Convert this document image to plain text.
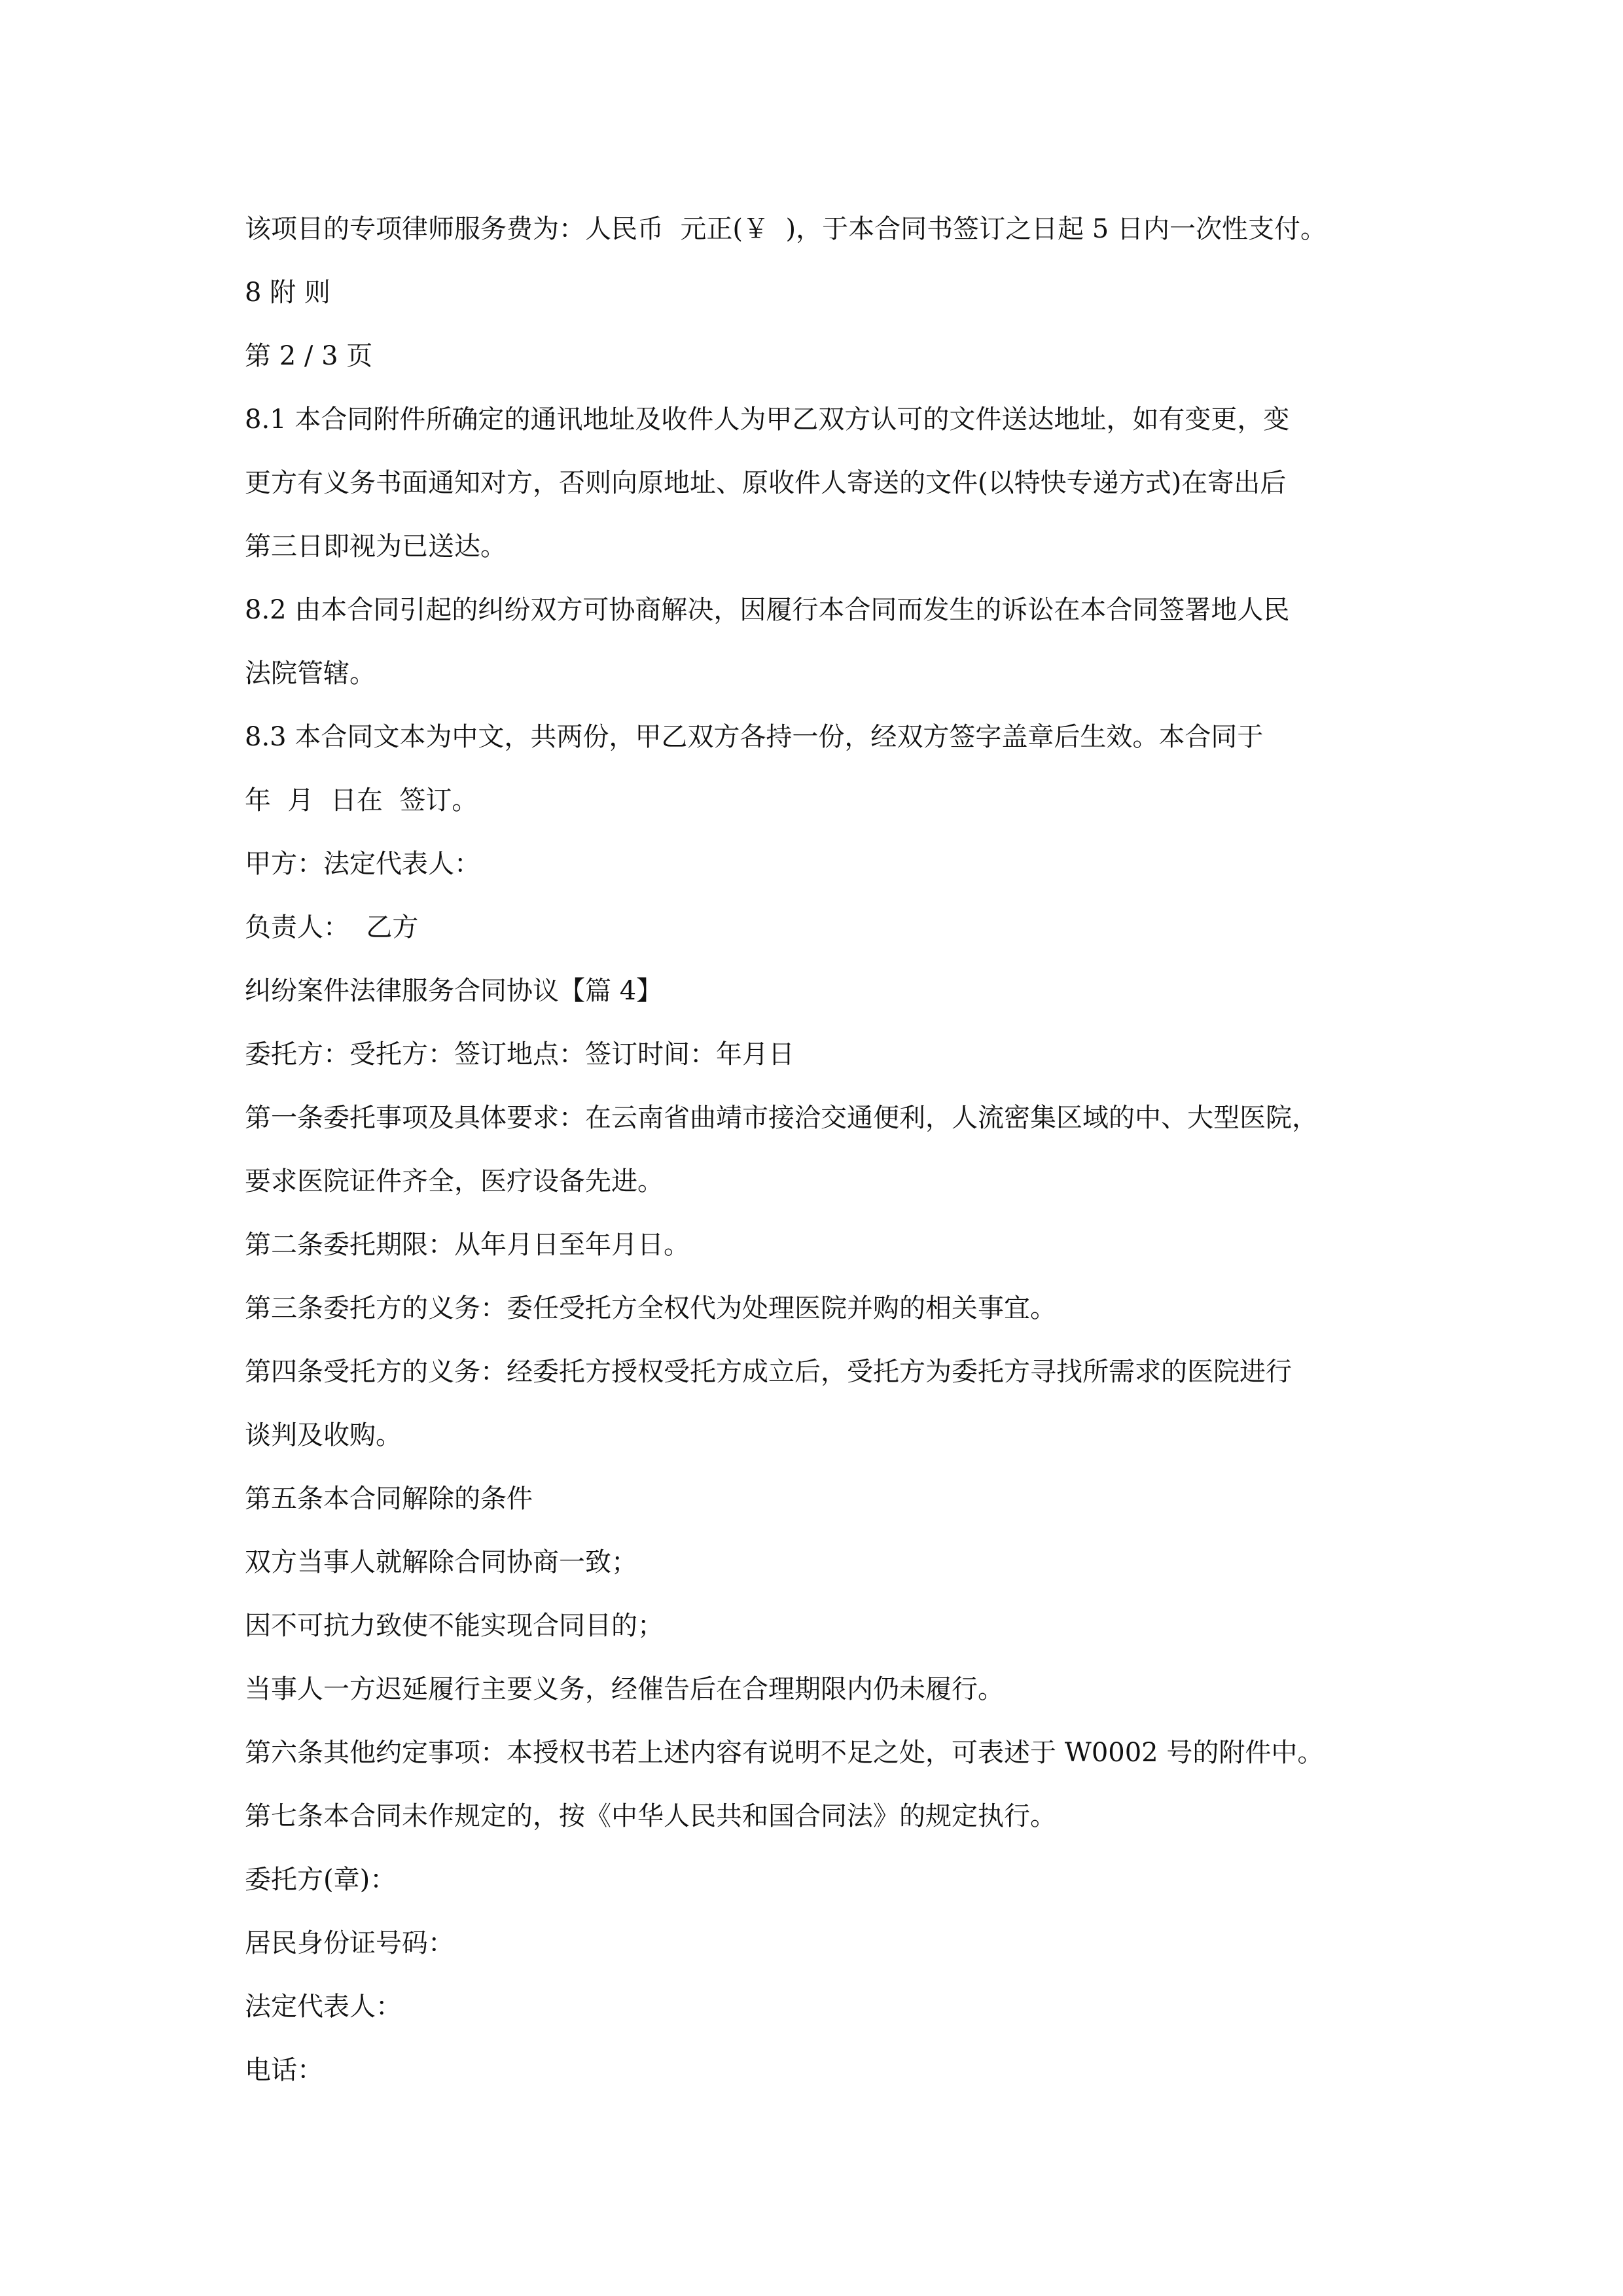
该项目的专项律师服务费为：人民币  元正(￥  )，于本合同书签订之日起 5 日内一次性支付。

8 附 则

第 2 / 3 页

8.1 本合同附件所确定的通讯地址及收件人为甲乙双方认可的文件送达地址，如有变更，变

更方有义务书面通知对方，否则向原地址、原收件人寄送的文件(以特快专递方式)在寄出后

第三日即视为已送达。

8.2 由本合同引起的纠纷双方可协商解决，因履行本合同而发生的诉讼在本合同签署地人民

法院管辖。

8.3 本合同文本为中文，共两份，甲乙双方各持一份，经双方签字盖章后生效。本合同于

年  月  日在  签订。

甲方：法定代表人：

负责人：  乙方

纠纷案件法律服务合同协议【篇 4】

委托方：受托方：签订地点：签订时间：年月日

第一条委托事项及具体要求：在云南省曲靖市接洽交通便利，人流密集区域的中、大型医院，

要求医院证件齐全，医疗设备先进。

第二条委托期限：从年月日至年月日。

第三条委托方的义务：委任受托方全权代为处理医院并购的相关事宜。

第四条受托方的义务：经委托方授权受托方成立后，受托方为委托方寻找所需求的医院进行

谈判及收购。

第五条本合同解除的条件

双方当事人就解除合同协商一致；

因不可抗力致使不能实现合同目的；

当事人一方迟延履行主要义务，经催告后在合理期限内仍未履行。

第六条其他约定事项：本授权书若上述内容有说明不足之处，可表述于 W0002 号的附件中。

第七条本合同未作规定的，按《中华人民共和国合同法》的规定执行。

委托方(章)：

居民身份证号码：

法定代表人：

电话：
